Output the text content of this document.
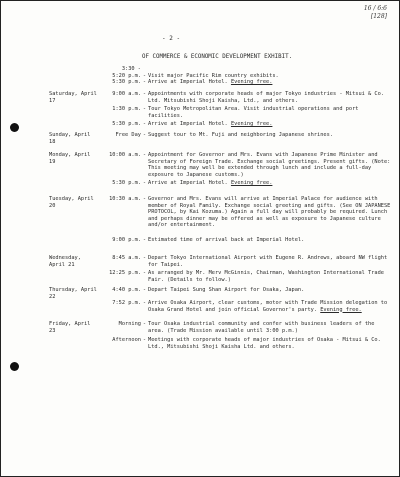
16 / 6:6
[128]
- 2 -
OF COMMERCE & ECONOMIC DEVELOPMENT EXHIBIT.
3:30 -
5:20 p.m. - Visit major Pacific Rim country exhibits.
5:30 p.m. - Arrive at Imperial Hotel. Evening free.
Saturday, April 17
9:00 a.m. - Appointments with corporate heads of major Tokyo industries - Mitsui & Co. Ltd. Mitsubishi Shoji Kaisha, Ltd., and others.
1:30 p.m. - Tour Tokyo Metropolitan Area. Visit industrial operations and port facilities.
5:30 p.m. - Arrive at Imperial Hotel. Evening free.
Sunday, April 18
Free Day - Suggest tour to Mt. Fuji and neighboring Japanese shrines.
Monday, April 19
10:00 a.m. - Appointment for Governor and Mrs. Evans with Japanese Prime Minister and Secretary of Foreign Trade. Exchange social greetings. Present gifts. (Note: This meeting may well be extended through lunch and include a full-day exposure to Japanese customs.)
5:30 p.m. - Arrive at Imperial Hotel. Evening free.
Tuesday, April 20
10:30 a.m. - Governor and Mrs. Evans will arrive at Imperial Palace for audience with member of Royal Family. Exchange social greeting and gifts. (See ON JAPANESE PROTOCOL, by Kai Kozuma.) Again a full day will probably be required. Lunch and perhaps dinner may be offered as well as exposure to Japanese culture and/or entertainment.
9:00 p.m. - Estimated time of arrival back at Imperial Hotel.
Wednesday, April 21
8:45 a.m. - Depart Tokyo International Airport with Eugene R. Andrews, aboard NW flight for Taipei.
12:25 p.m. - As arranged by Mr. Merv McGinnis, Chairman, Washington International Trade Fair. (Details to follow.)
Thursday, April 22
4:40 p.m. - Depart Taipei Sung Shan Airport for Osaka, Japan.
7:52 p.m. - Arrive Osaka Airport, clear customs, motor with Trade Mission delegation to Osaka Grand Hotel and join official Governor's party. Evening free.
Friday, April 23
Morning - Tour Osaka industrial community and confer with business leaders of the area. (Trade Mission available until 3:00 p.m.)
Afternoon - Meetings with corporate heads of major industries of Osaka - Mitsui & Co. Ltd., Mitsubishi Shoji Kaisha Ltd. and others.
